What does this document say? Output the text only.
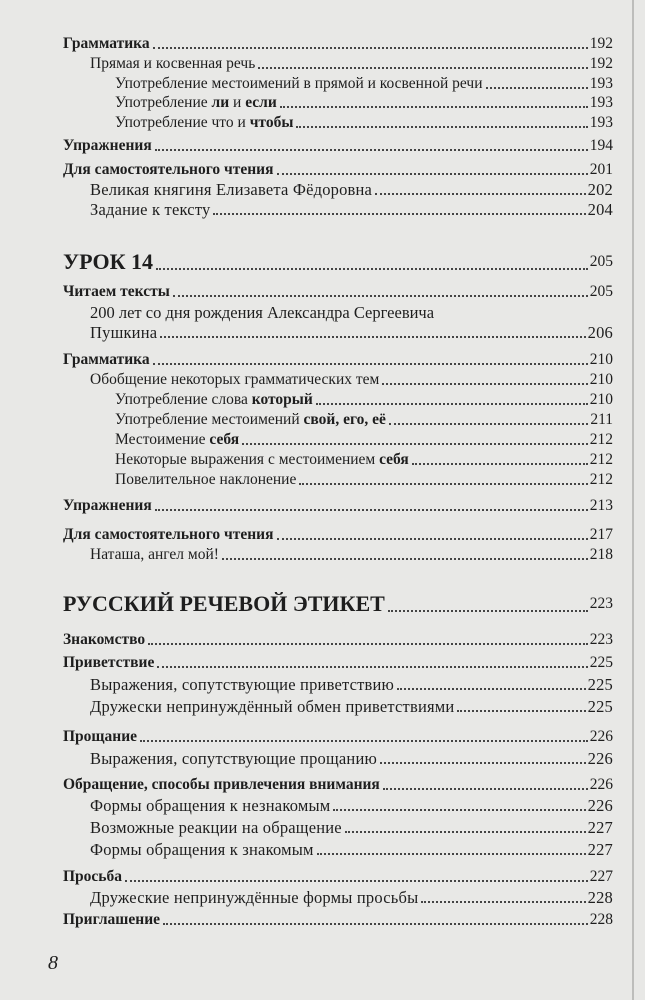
Грамматика	192
Прямая и косвенная речь	192
Употребление местоимений в прямой и косвенной речи	193
Употребление ли и если	193
Употребление что и чтобы	193
Упражнения	194
Для самостоятельного чтения	201
Великая княгиня Елизавета Фёдоровна	202
Задание к тексту	204
УРОК 14	205
Читаем тексты	205
200 лет со дня рождения Александра Сергеевича
Пушкина	206
Грамматика	210
Обобщение некоторых грамматических тем	210
Употребление слова который	210
Употребление местоимений свой, его, её	211
Местоимение себя	212
Некоторые выражения с местоимением себя	212
Повелительное наклонение	212
Упражнения	213
Для самостоятельного чтения	217
Наташа, ангел мой!	218
РУССКИЙ РЕЧЕВОЙ ЭТИКЕТ	223
Знакомство	223
Приветствие	225
Выражения, сопутствующие приветствию	225
Дружески непринуждённый обмен приветствиями	225
Прощание	226
Выражения, сопутствующие прощанию	226
Обращение, способы привлечения внимания	226
Формы обращения к незнакомым	226
Возможные реакции на обращение	227
Формы обращения к знакомым	227
Просьба	227
Дружеские непринуждённые формы просьбы	228
Приглашение	228
8
